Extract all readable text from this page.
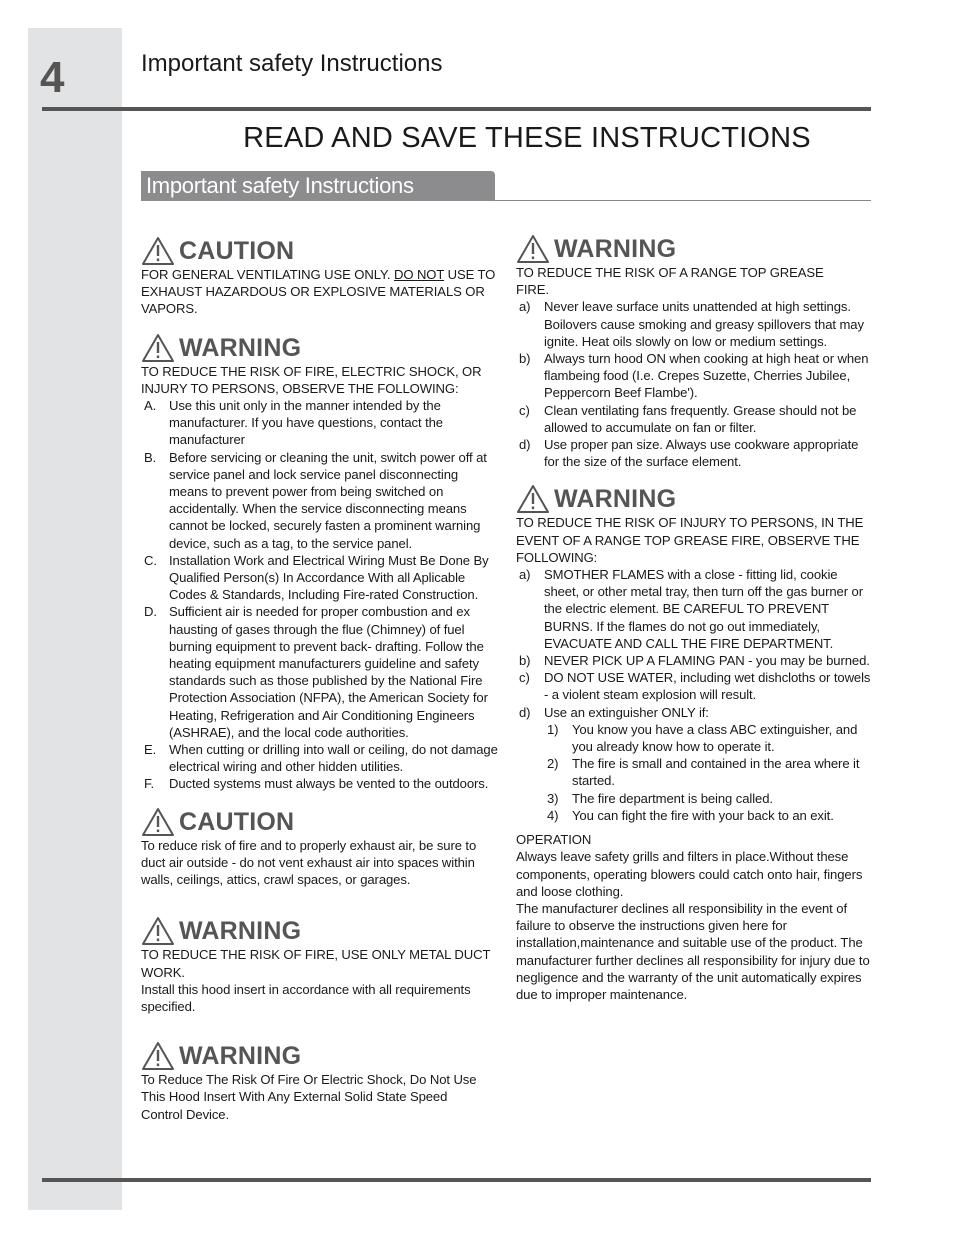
4	Important safety Instructions
READ AND SAVE THESE INSTRUCTIONS
Important safety Instructions
CAUTION

FOR GENERAL VENTILATING USE ONLY. DO NOT USE TO EXHAUST HAZARDOUS OR EXPLOSIVE MATERIALS OR VAPORS.

WARNING

TO REDUCE THE RISK OF FIRE, ELECTRIC SHOCK, OR INJURY TO PERSONS, OBSERVE THE FOLLOWING:

A. Use this unit only in the manner intended by the manufacturer. If you have questions, contact the manufacturer
B. Before servicing or cleaning the unit, switch power off at service panel and lock service panel disconnecting means to prevent power from being switched on accidentally. When the service disconnecting means cannot be locked, securely fasten a prominent warning device, such as a tag, to the service panel.
C. Installation Work and Electrical Wiring Must Be Done By Qualified Person(s) In Accordance With all Aplicable Codes & Standards, Including Fire-rated Construction.
D. Sufficient air is needed for proper combustion and ex hausting of gases through the flue (Chimney) of fuel burning equipment to prevent back- drafting. Follow the heating equipment manufacturers guideline and safety standards such as those published by the National Fire Protection Association (NFPA), the American Society for Heating, Refrigeration and Air Conditioning Engineers (ASHRAE), and the local code authorities.
E. When cutting or drilling into wall or ceiling, do not damage electrical wiring and other hidden utilities.
F. Ducted systems must always be vented to the outdoors.
CAUTION

To reduce risk of fire and to properly exhaust air, be sure to duct air outside - do not vent exhaust air into spaces within walls, ceilings, attics, crawl spaces, or garages.

WARNING

TO REDUCE THE RISK OF FIRE, USE ONLY METAL DUCT WORK.

Install this hood insert in accordance with all requirements specified.

WARNING

To Reduce The Risk Of Fire Or Electric Shock, Do Not Use This Hood Insert With Any External Solid State Speed Control Device.

WARNING

TO REDUCE THE RISK OF A RANGE TOP GREASE FIRE.

a) Never leave surface units unattended at high settings. Boilovers cause smoking and greasy spillovers that may ignite. Heat oils slowly on low or medium settings.
b) Always turn hood ON when cooking at high heat or when flambeing food (I.e. Crepes Suzette, Cherries Jubilee, Peppercorn Beef Flambe').
c) Clean ventilating fans frequently. Grease should not be allowed to accumulate on fan or filter.
d) Use proper pan size. Always use cookware appropriate for the size of the surface element.
WARNING

TO REDUCE THE RISK OF INJURY TO PERSONS, IN THE EVENT OF A RANGE TOP GREASE FIRE, OBSERVE THE FOLLOWING:

a) SMOTHER FLAMES with a close - fitting lid, cookie sheet, or other metal tray, then turn off the gas burner or the electric element. BE CAREFUL TO PREVENT BURNS. If the flames do not go out immediately, EVACUATE AND CALL THE FIRE DEPARTMENT.
b) NEVER PICK UP A FLAMING PAN - you may be burned.
c) DO NOT USE WATER, including wet dishcloths or towels - a violent steam explosion will result.
d) Use an extinguisher ONLY if:
1) You know you have a class ABC extinguisher, and you already know how to operate it.
2) The fire is small and contained in the area where it started.
3) The fire department is being called.
4) You can fight the fire with your back to an exit.

OPERATION

Always leave safety grills and filters in place.Without these components, operating blowers could catch onto hair, fingers and loose clothing.

The manufacturer declines all responsibility in the event of failure to observe the instructions given here for installation,maintenance and suitable use of the product. The manufacturer further declines all responsibility for injury due to negligence and the warranty of the unit automatically expires due to improper maintenance.
